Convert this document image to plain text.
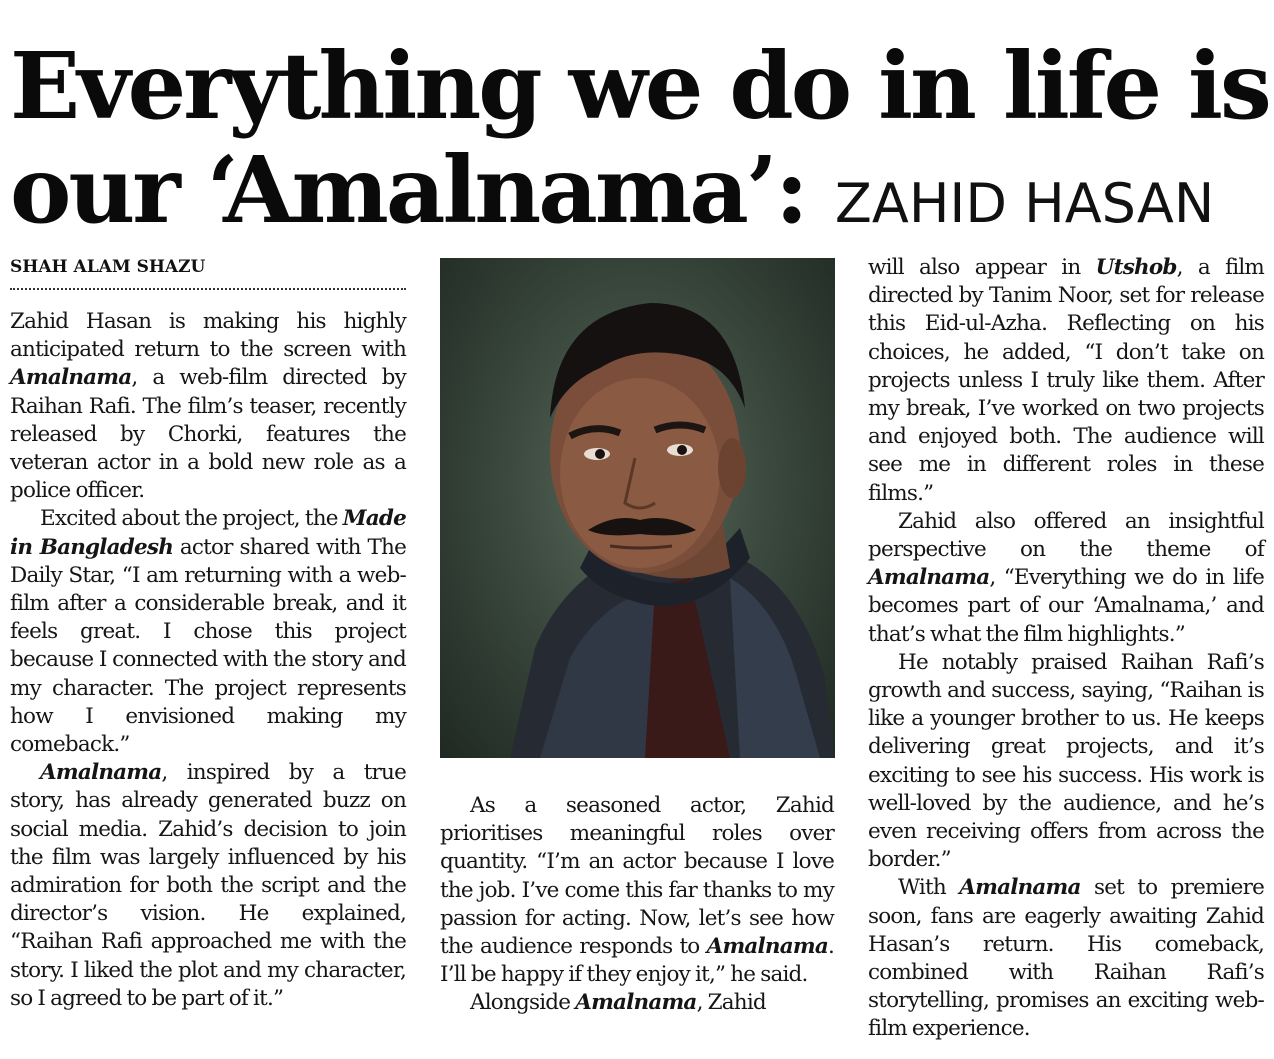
Everything we do in life is
our ‘Amalnama’: ZAHID HASAN
SHAH ALAM SHAZU

Zahid Hasan is making his highly anticipated return to the screen with Amalnama, a web-film directed by Raihan Rafi. The film’s teaser, recently released by Chorki, features the veteran actor in a bold new role as a police officer.

Excited about the project, the Made in Bangladesh actor shared with The Daily Star, “I am returning with a web-film after a considerable break, and it feels great. I chose this project because I connected with the story and my character. The project represents how I envisioned making my comeback.”

Amalnama, inspired by a true story, has already generated buzz on social media. Zahid’s decision to join the film was largely influenced by his admiration for both the script and the director’s vision. He explained, “Raihan Rafi approached me with the story. I liked the plot and my character, so I agreed to be part of it.”

As a seasoned actor, Zahid prioritises meaningful roles over quantity. “I’m an actor because I love the job. I’ve come this far thanks to my passion for acting. Now, let’s see how the audience responds to Amalnama. I’ll be happy if they enjoy it,” he said.

Alongside Amalnama, Zahid

will also appear in Utshob, a film directed by Tanim Noor, set for release this Eid-ul-Azha. Reflecting on his choices, he added, “I don’t take on projects unless I truly like them. After my break, I’ve worked on two projects and enjoyed both. The audience will see me in different roles in these films.”

Zahid also offered an insightful perspective on the theme of Amalnama, “Everything we do in life becomes part of our ‘Amalnama,’ and that’s what the film highlights.”

He notably praised Raihan Rafi’s growth and success, saying, “Raihan is like a younger brother to us. He keeps delivering great projects, and it’s exciting to see his success. His work is well-loved by the audience, and he’s even receiving offers from across the border.”

With Amalnama set to premiere soon, fans are eagerly awaiting Zahid Hasan’s return. His comeback, combined with Raihan Rafi’s storytelling, promises an exciting web-film experience.
